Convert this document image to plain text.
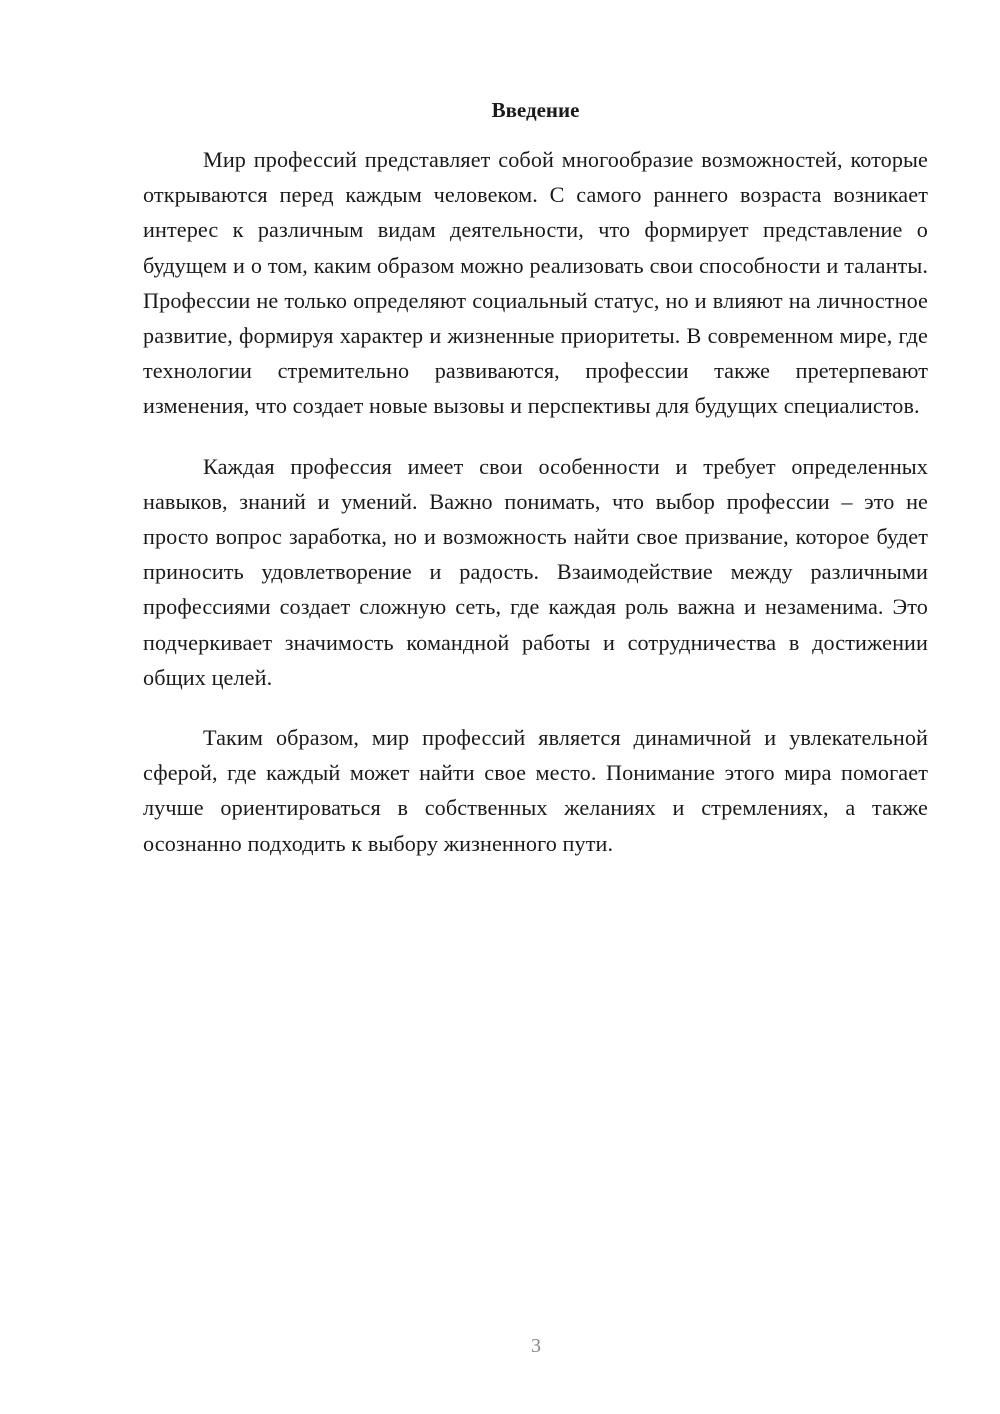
Введение

Мир профессий представляет собой многообразие возможностей, которые открываются перед каждым человеком. С самого раннего возраста возникает интерес к различным видам деятельности, что формирует представление о будущем и о том, каким образом можно реализовать свои способности и таланты. Профессии не только определяют социальный статус, но и влияют на личностное развитие, формируя характер и жизненные приоритеты. В современном мире, где технологии стремительно развиваются, профессии также претерпевают изменения, что создает новые вызовы и перспективы для будущих специалистов.

Каждая профессия имеет свои особенности и требует определенных навыков, знаний и умений. Важно понимать, что выбор профессии – это не просто вопрос заработка, но и возможность найти свое призвание, которое будет приносить удовлетворение и радость. Взаимодействие между различными профессиями создает сложную сеть, где каждая роль важна и незаменима. Это подчеркивает значимость командной работы и сотрудничества в достижении общих целей.

Таким образом, мир профессий является динамичной и увлекательной сферой, где каждый может найти свое место. Понимание этого мира помогает лучше ориентироваться в собственных желаниях и стремлениях, а также осознанно подходить к выбору жизненного пути.

3
